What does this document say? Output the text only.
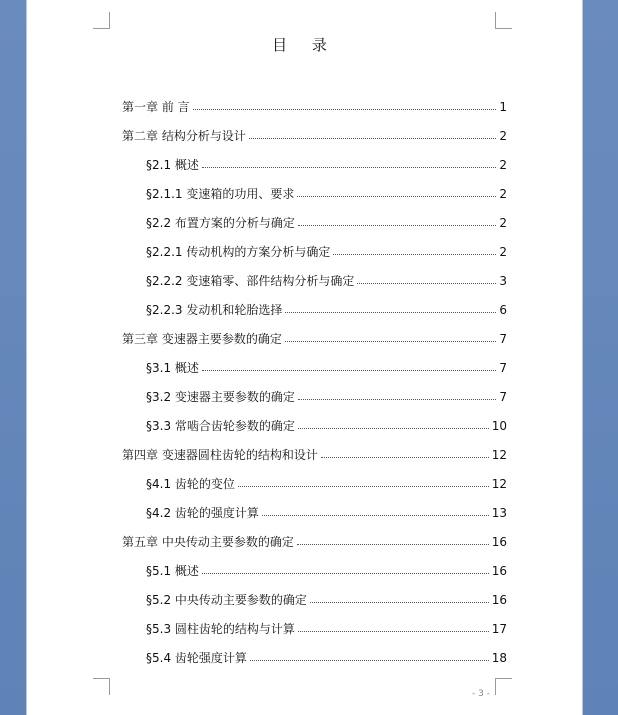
目 录
第一章 前 言	1
第二章 结构分析与设计	2
§2.1 概述	2
§2.1.1 变速箱的功用、要求	2
§2.2 布置方案的分析与确定	2
§2.2.1 传动机构的方案分析与确定	2
§2.2.2 变速箱零、部件结构分析与确定	3
§2.2.3 发动机和轮胎选择	6
第三章 变速器主要参数的确定	7
§3.1 概述	7
§3.2 变速器主要参数的确定	7
§3.3 常啮合齿轮参数的确定	10
第四章 变速器圆柱齿轮的结构和设计	12
§4.1 齿轮的变位	12
§4.2 齿轮的强度计算	13
第五章 中央传动主要参数的确定	16
§5.1 概述	16
§5.2 中央传动主要参数的确定	16
§5.3 圆柱齿轮的结构与计算	17
§5.4 齿轮强度计算	18
- 3 -
